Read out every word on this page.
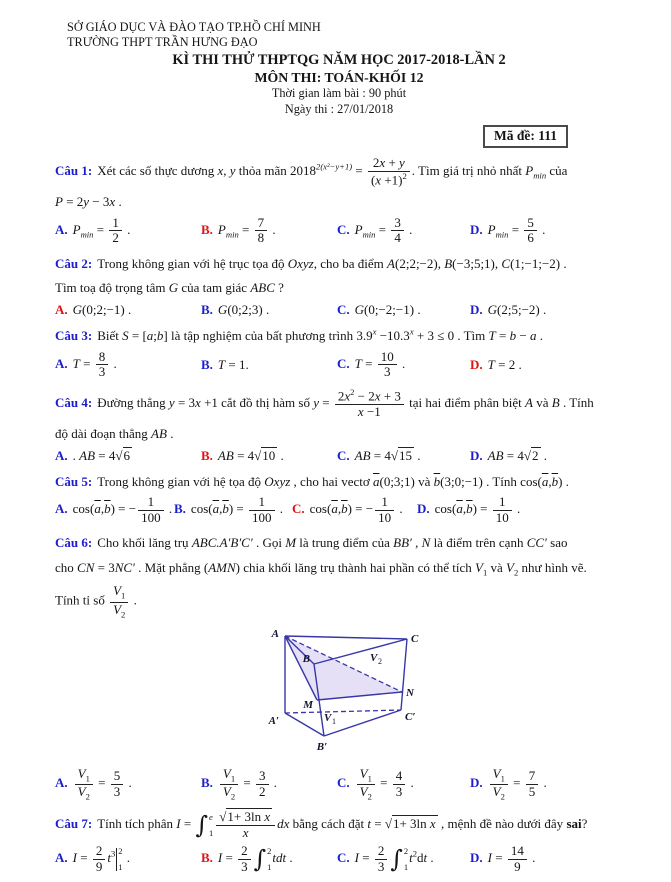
SỞ GIÁO DỤC VÀ ĐÀO TẠO TP.HỒ CHÍ MINH
TRƯỜNG THPT TRẦN HƯNG ĐẠO
KÌ THI THỬ THPTQG NĂM HỌC 2017-2018-LẦN 2
MÔN THI: TOÁN-KHỐI 12
Thời gian làm bài : 90 phút
Ngày thi : 27/01/2018
Mã đề: 111

Câu 1: Xét các số thực dương x, y thỏa mãn $2018^{2(x^2-y+1)} = \frac{2x + y}{(x +1)^2}$ . Tìm giá trị nhỏ nhất $P_{min}$ của

P = 2y − 3x .

A. $P_{min} = \frac{1}{2}$ .	B. $P_{min} = \frac{7}{8}$ .	C. $P_{min} = \frac{3}{4}$ .	D. $P_{min} = \frac{5}{6}$ .

Câu 2: Trong không gian với hệ trục tọa độ Oxyz, cho ba điểm A(2;2;−2), B(−3;5;1), C(1;−1;−2) .

Tìm toạ độ trọng tâm G của tam giác ABC ?

A. G(0;2;−1) .	B. G(0;2;3) .	C. G(0;−2;−1) .	D. G(2;5;−2) .

Câu 3: Biết S = [a;b] là tập nghiệm của bất phương trình $3.9^x -10.3^x + 3 \le 0$ . Tìm T = b − a .

A. $T = \frac{8}{3}$ .	B. T = 1.	C. $T = \frac{10}{3}$ .	D. T = 2 .

Câu 4: Đường thẳng y = 3x +1 cắt đồ thị hàm số $y = \frac{2x^2 - 2x + 3}{x -1}$ tại hai điểm phân biệt A và B . Tính

độ dài đoạn thẳng AB .

A. . AB = 4√6	B. AB = 4√10 .	C. AB = 4√15 .	D. AB = 4√2 .

Câu 5: Trong không gian với hệ tọa độ Oxyz , cho hai vectơ $\overline{a}(0;3;1)$ và $\overline{b}(3;0;-1)$ . Tính $\cos(\overline{a},\overline{b})$ .

A. $\cos(\overline{a},\overline{b})$ = − $\frac{1}{100}$ . B. $\cos(\overline{a},\overline{b}) = \frac{1}{100}$ . C. $\cos(\overline{a},\overline{b})$ = − $\frac{1}{10}$ .	D. $\cos(\overline{a},\overline{b}) = \frac{1}{10}$ .

Câu 6: Cho khối lăng trụ ABC.A′B′C′ . Gọi M là trung điểm của BB′ , N là điểm trên cạnh CC′ sao

cho CN = 3NC′ . Mặt phẳng (AMN) chia khối lăng trụ thành hai phần có thể tích $V_1$ và $V_2$ như hình vẽ.

Tính tỉ số $\frac{V_1}{V_2}$ .

A	C
B
N
M
A′	C′
B′
V 2
V 1
A. $\frac{V_1}{V_2} = \frac{5}{3}$ .	B. $\frac{V_1}{V_2} = \frac{3}{2}$ .	C. $\frac{V_1}{V_2} = \frac{4}{3}$ .	D. $\frac{V_1}{V_2} = \frac{7}{5}$ .

Câu 7: Tính tích phân I = ∫ e
$1 \frac{\text{√1+ 3ln x}}{x}$ dx bằng cách đặt t = √1+ 3ln x , mệnh đề nào dưới đây sai?

A. $I = \frac{2}{9} t^3$ 2
1
.	B. $I = \frac{2}{3}$ ∫ 2
1
tdt .	C. $I = \frac{2}{3}$ ∫ 2
1
$t^2dt$ .	D. $I = \frac{14}{9}$ .
